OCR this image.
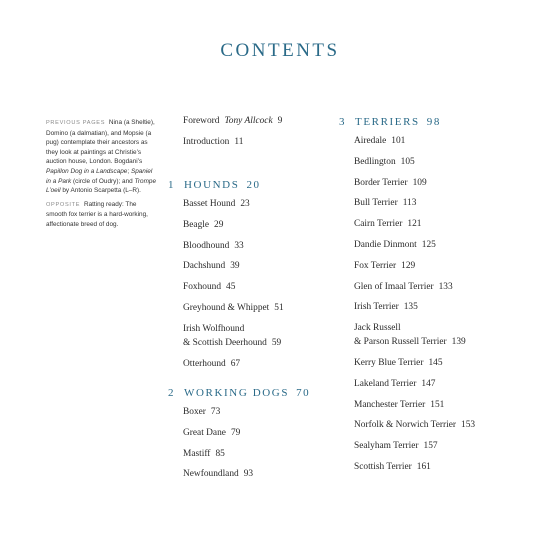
CONTENTS

PREVIOUS PAGES Nina (a Sheltie), Domino (a dalmatian), and Mopsie (a pug) contemplate their ancestors as they look at paintings at Christie’s auction house, London. Bogdani’s Papillon Dog in a Landscape; Spaniel in a Park (circle of Oudry); and Trompe L’oeil by Antonio Scarpetta (L–R).

OPPOSITE Ratting ready: The smooth fox terrier is a hard-working, affectionate breed of dog.

Foreword Tony Allcock 9
Introduction 11
1 HOUNDS 20
Basset Hound 23
Beagle 29
Bloodhound 33
Dachshund 39
Foxhound 45
Greyhound & Whippet 51
Irish Wolfhound
& Scottish Deerhound 59
Otterhound 67
2 WORKING DOGS 70
Boxer 73
Great Dane 79
Mastiff 85
Newfoundland 93
3 TERRIERS 98
Airedale 101
Bedlington 105
Border Terrier 109
Bull Terrier 113
Cairn Terrier 121
Dandie Dinmont 125
Fox Terrier 129
Glen of Imaal Terrier 133
Irish Terrier 135
Jack Russell
& Parson Russell Terrier 139
Kerry Blue Terrier 145
Lakeland Terrier 147
Manchester Terrier 151
Norfolk & Norwich Terrier 153
Sealyham Terrier 157
Scottish Terrier 161
